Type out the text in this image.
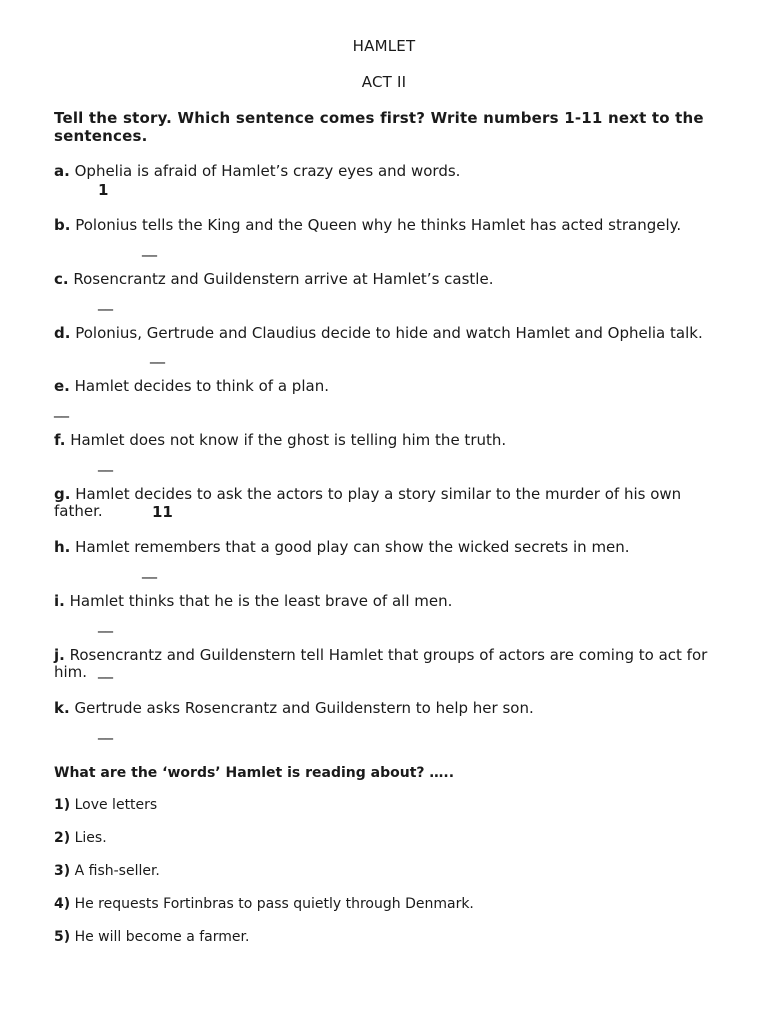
HAMLET
ACT II
Tell the story. Which sentence comes first? Write numbers 1-11 next to the sentences.
a. Ophelia is afraid of Hamlet’s crazy eyes and words.
1
b. Polonius tells the King and the Queen why he thinks Hamlet has acted strangely.
__
c. Rosencrantz and Guildenstern arrive at Hamlet’s castle.
__
d. Polonius, Gertrude and Claudius decide to hide and watch Hamlet and Ophelia talk.
__
e. Hamlet decides to think of a plan.
__
f. Hamlet does not know if the ghost is telling him the truth.
__
g. Hamlet decides to ask the actors to play a story similar to the murder of his own father.	11
h. Hamlet remembers that a good play can show the wicked secrets in men.
__
i. Hamlet thinks that he is the least brave of all men.
__
j. Rosencrantz and Guildenstern tell Hamlet that groups of actors are coming to act for him. __
k. Gertrude asks Rosencrantz and Guildenstern to help her son.
__
What are the ‘words’ Hamlet is reading about? …..
1) Love letters
2) Lies.
3) A fish-seller.
4) He requests Fortinbras to pass quietly through Denmark.
5) He will become a farmer.
